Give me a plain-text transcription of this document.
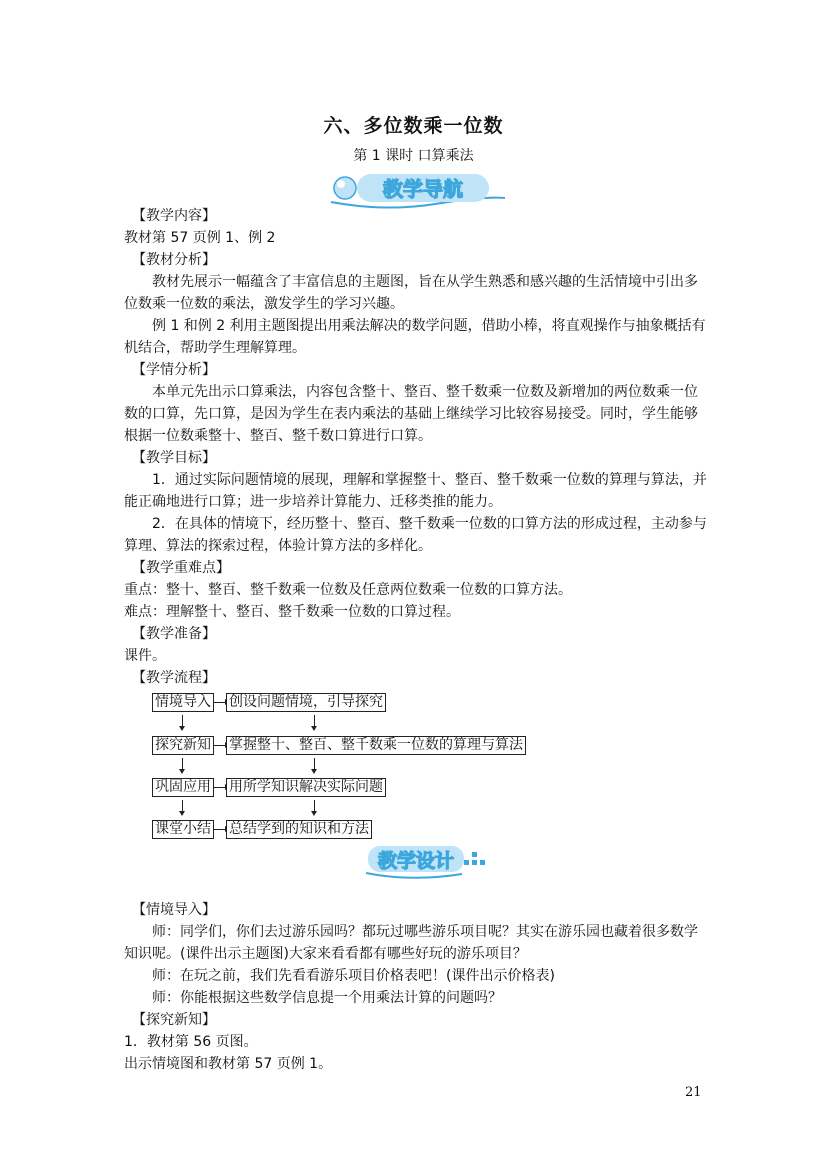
六、多位数乘一位数
第 1 课时 口算乘法
教学导航
教学设计

【教学内容】

教材第 57 页例 1、例 2

【教材分析】

教材先展示一幅蕴含了丰富信息的主题图，旨在从学生熟悉和感兴趣的生活情境中引出多位数乘一位数的乘法，激发学生的学习兴趣。

例 1 和例 2 利用主题图提出用乘法解决的数学问题，借助小棒，将直观操作与抽象概括有机结合，帮助学生理解算理。

【学情分析】

本单元先出示口算乘法，内容包含整十、整百、整千数乘一位数及新增加的两位数乘一位数的口算，先口算，是因为学生在表内乘法的基础上继续学习比较容易接受。同时，学生能够根据一位数乘整十、整百、整千数口算进行口算。

【教学目标】

1．通过实际问题情境的展现，理解和掌握整十、整百、整千数乘一位数的算理与算法，并能正确地进行口算；进一步培养计算能力、迁移类推的能力。

2．在具体的情境下，经历整十、整百、整千数乘一位数的口算方法的形成过程，主动参与算理、算法的探索过程，体验计算方法的多样化。

【教学重难点】

重点：整十、整百、整千数乘一位数及任意两位数乘一位数的口算方法。

难点：理解整十、整百、整千数乘一位数的口算过程。

【教学准备】

课件。

【教学流程】

情境导入 创设问题情境，引导探究
探究新知 掌握整十、整百、整千数乘一位数的算理与算法
巩固应用 用所学知识解决实际问题
课堂小结 总结学到的知识和方法

【情境导入】

师：同学们，你们去过游乐园吗？都玩过哪些游乐项目呢？其实在游乐园也藏着很多数学知识呢。(课件出示主题图)大家来看看都有哪些好玩的游乐项目？

师：在玩之前，我们先看看游乐项目价格表吧！(课件出示价格表)

师：你能根据这些数学信息提一个用乘法计算的问题吗？

【探究新知】

1．教材第 56 页图。

出示情境图和教材第 57 页例 1。

21
